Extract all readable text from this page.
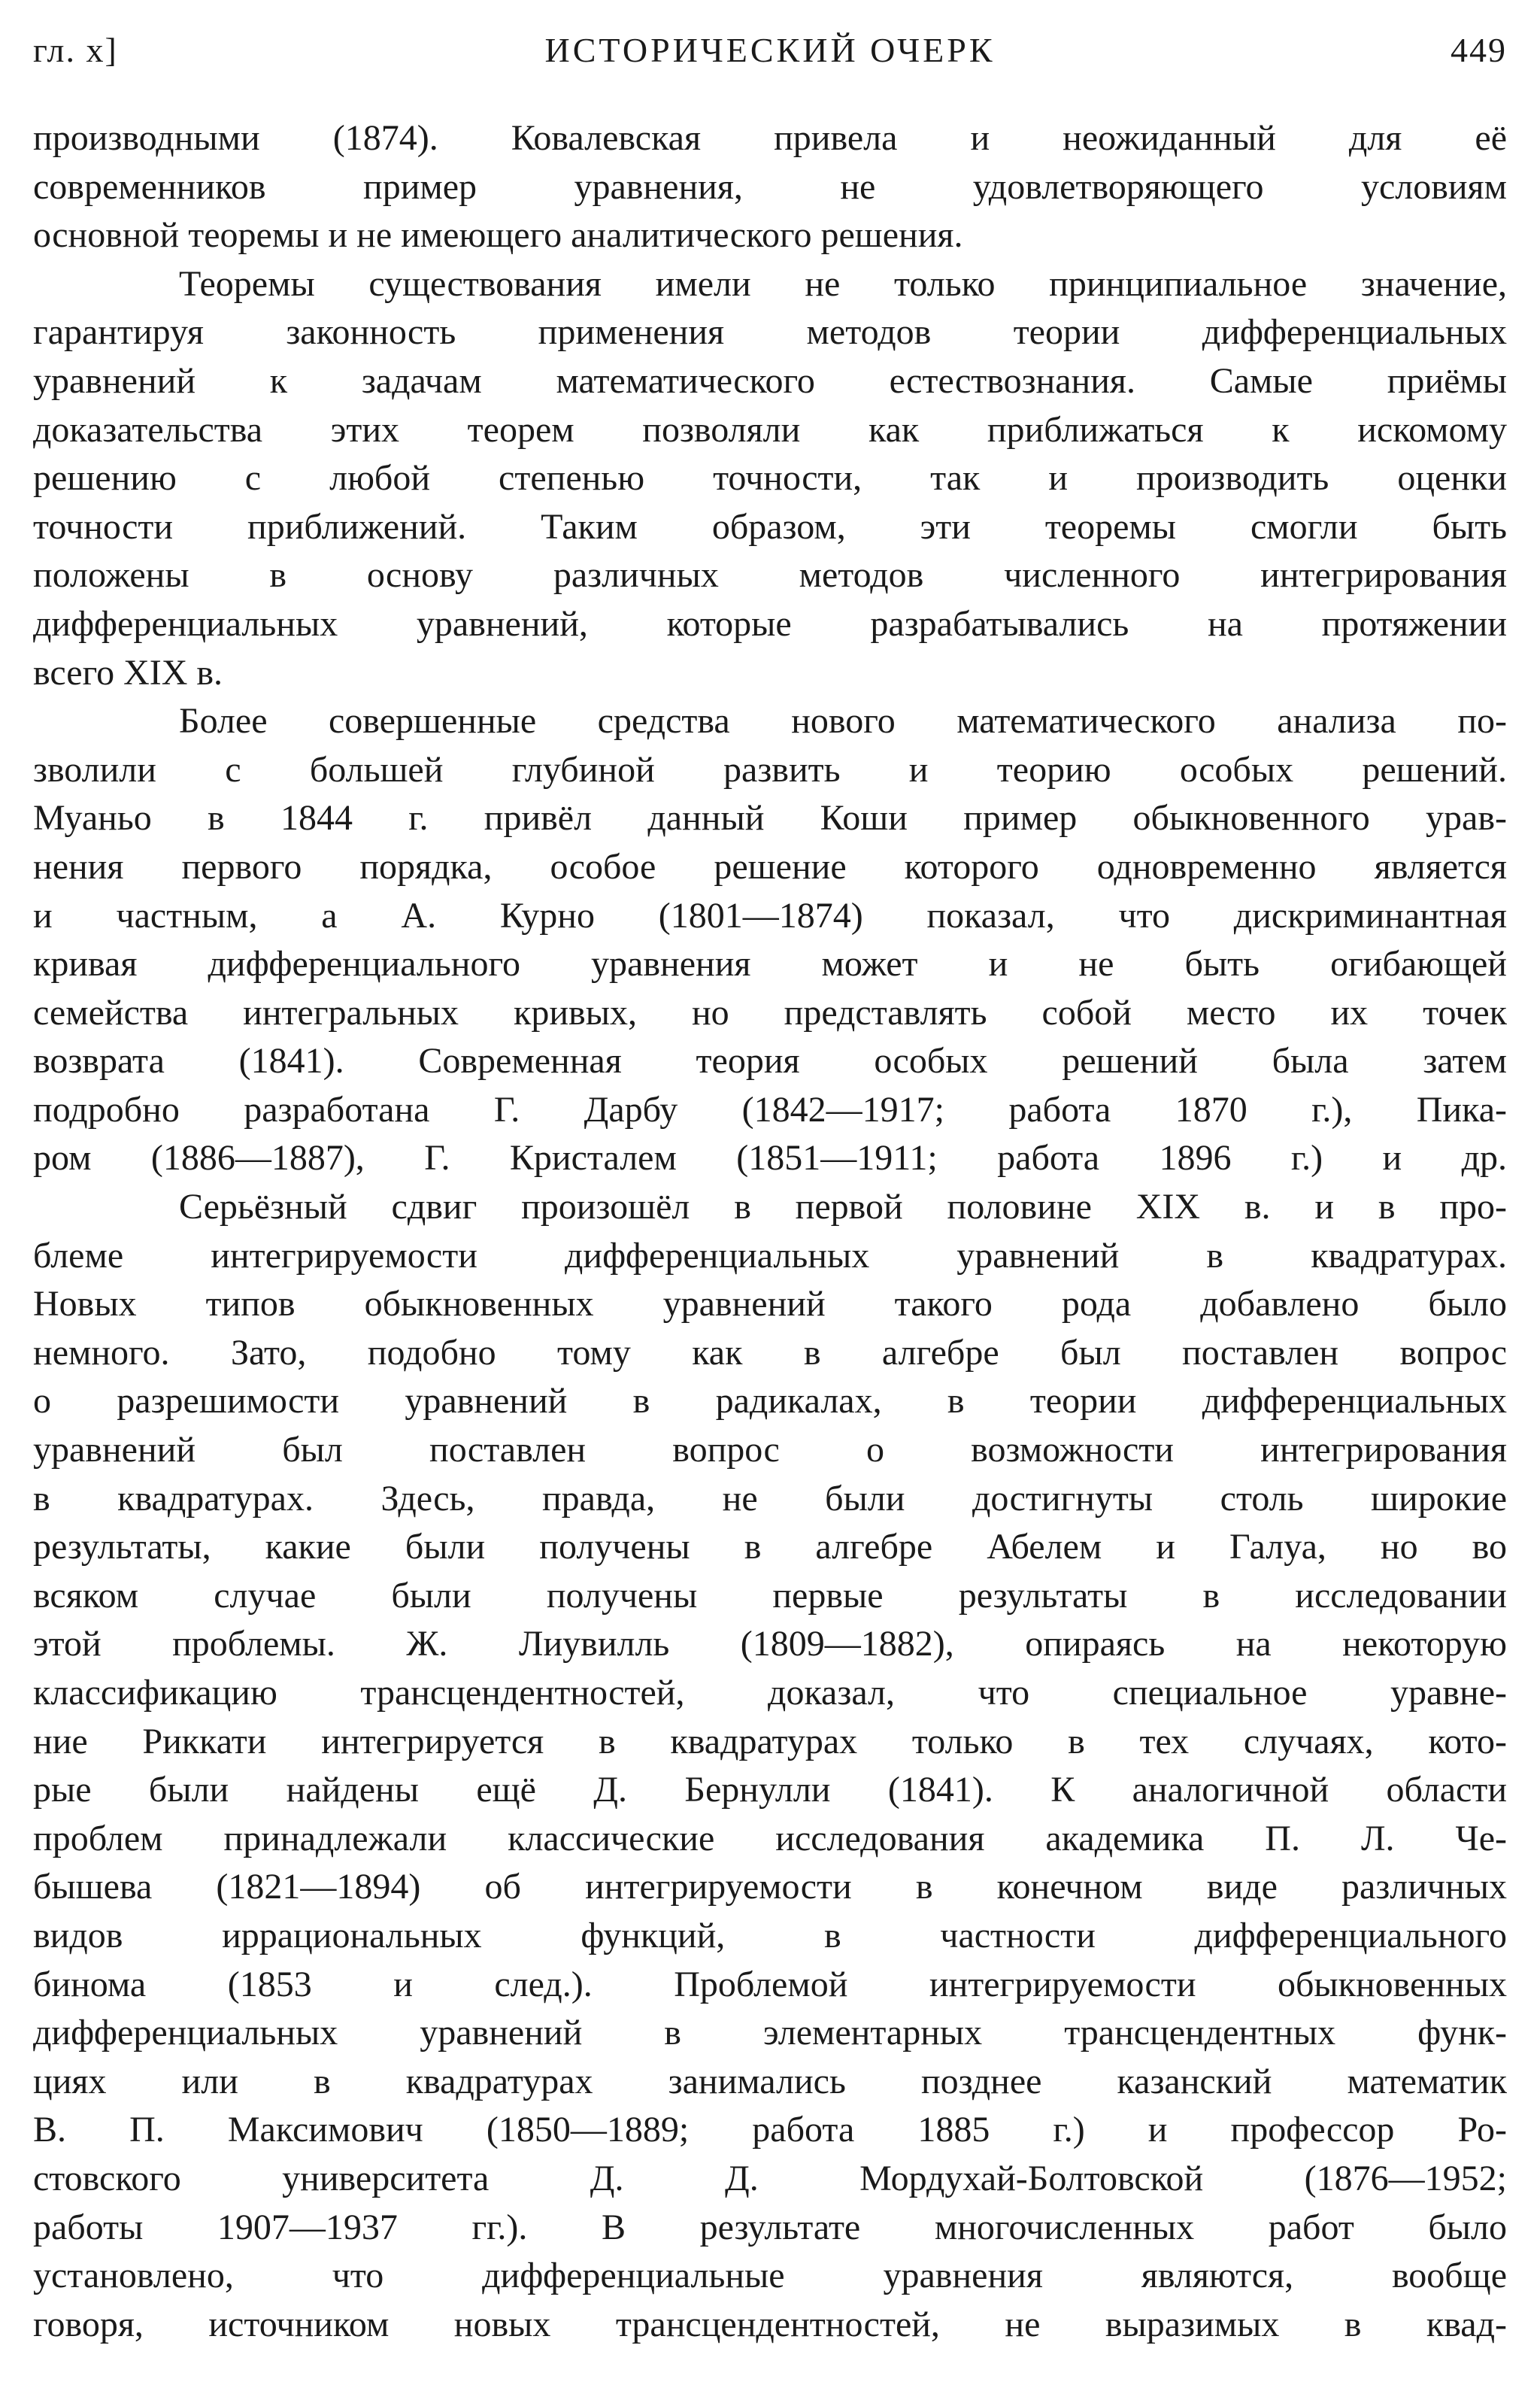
гл. x]	ИСТОРИЧЕСКИЙ ОЧЕРК	449
производными (1874). Ковалевская привела и неожиданный для её
современников пример уравнения, не удовлетворяющего условиям
основной теоремы и не имеющего аналитического решения.
Теоремы существования имели не только принципиальное значение,
гарантируя законность применения методов теории дифференциальных
уравнений к задачам математического естествознания. Самые приёмы
доказательства этих теорем позволяли как приближаться к искомому
решению с любой степенью точности, так и производить оценки
точности приближений. Таким образом, эти теоремы смогли быть
положены в основу различных методов численного интегрирования
дифференциальных уравнений, которые разрабатывались на протяжении
всего XIX в.
Более совершенные средства нового математического анализа по-
зволили с большей глубиной развить и теорию особых решений.
Муаньо в 1844 г. привёл данный Коши пример обыкновенного урав-
нения первого порядка, особое решение которого одновременно является
и частным, а А. Курно (1801—1874) показал, что дискриминантная
кривая дифференциального уравнения может и не быть огибающей
семейства интегральных кривых, но представлять собой место их точек
возврата (1841). Современная теория особых решений была затем
подробно разработана Г. Дарбу (1842—1917; работа 1870 г.), Пика-
ром (1886—1887), Г. Кристалем (1851—1911; работа 1896 г.) и др.
Серьёзный сдвиг произошёл в первой половине XIX в. и в про-
блеме интегрируемости дифференциальных уравнений в квадратурах.
Новых типов обыкновенных уравнений такого рода добавлено было
немного. Зато, подобно тому как в алгебре был поставлен вопрос
о разрешимости уравнений в радикалах, в теории дифференциальных
уравнений был поставлен вопрос о возможности интегрирования
в квадратурах. Здесь, правда, не были достигнуты столь широкие
результаты, какие были получены в алгебре Абелем и Галуа, но во
всяком случае были получены первые результаты в исследовании
этой проблемы. Ж. Лиувилль (1809—1882), опираясь на некоторую
классификацию трансцендентностей, доказал, что специальное уравне-
ние Риккати интегрируется в квадратурах только в тех случаях, кото-
рые были найдены ещё Д. Бернулли (1841). К аналогичной области
проблем принадлежали классические исследования академика П. Л. Че-
бышева (1821—1894) об интегрируемости в конечном виде различных
видов иррациональных функций, в частности дифференциального
бинома (1853 и след.). Проблемой интегрируемости обыкновенных
дифференциальных уравнений в элементарных трансцендентных функ-
циях или в квадратурах занимались позднее казанский математик
В. П. Максимович (1850—1889; работа 1885 г.) и профессор Ро-
стовского университета Д. Д. Мордухай-Болтовской (1876—1952;
работы 1907—1937 гг.). В результате многочисленных работ было
установлено, что дифференциальные уравнения являются, вообще
говоря, источником новых трансцендентностей, не выразимых в квад-
